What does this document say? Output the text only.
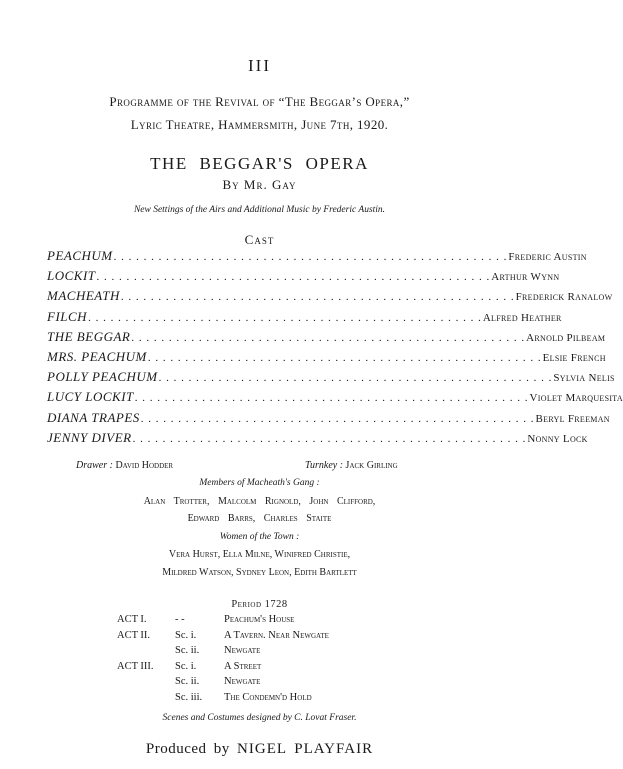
III
Programme of the Revival of “The Beggar’s Opera,”
Lyric Theatre, Hammersmith, June 7th, 1920.
THE BEGGAR'S OPERA
By Mr. Gay
New Settings of the Airs and Additional Music by Frederic Austin.
Cast
PEACHUM . . . . . . . . . . . . . . . . . . . . . . . . . . . . . . . . . . . . . . . . . . . . . . . . . . . . . Frederic Austin
LOCKIT . . . . . . . . . . . . . . . . . . . . . . . . . . . . . . . . . . . . . . . . . . . . . . . . . . . . . Arthur Wynn
MACHEATH . . . . . . . . . . . . . . . . . . . . . . . . . . . . . . . . . . . . . . . . . . . . . . . . . . . . . Frederick Ranalow
FILCH . . . . . . . . . . . . . . . . . . . . . . . . . . . . . . . . . . . . . . . . . . . . . . . . . . . . . Alfred Heather
THE BEGGAR . . . . . . . . . . . . . . . . . . . . . . . . . . . . . . . . . . . . . . . . . . . . . . . . . . . . . Arnold Pilbeam
MRS. PEACHUM . . . . . . . . . . . . . . . . . . . . . . . . . . . . . . . . . . . . . . . . . . . . . . . . . . . . . Elsie French
POLLY PEACHUM . . . . . . . . . . . . . . . . . . . . . . . . . . . . . . . . . . . . . . . . . . . . . . . . . . . . . Sylvia Nelis
LUCY LOCKIT . . . . . . . . . . . . . . . . . . . . . . . . . . . . . . . . . . . . . . . . . . . . . . . . . . . . . Violet Marquesita
DIANA TRAPES . . . . . . . . . . . . . . . . . . . . . . . . . . . . . . . . . . . . . . . . . . . . . . . . . . . . . Beryl Freeman
JENNY DIVER . . . . . . . . . . . . . . . . . . . . . . . . . . . . . . . . . . . . . . . . . . . . . . . . . . . . . Nonny Lock
Drawer : David Hodder	Turnkey : Jack Girling
Members of Macheath's Gang :
Alan Trotter, Malcolm Rignold, John Clifford,
Edward Barrs, Charles Staite
Women of the Town :
Vera Hurst, Ella Milne, Winifred Christie,
Mildred Watson, Sydney Leon, Edith Bartlett
Period 1728
ACT I.	- -	Peachum's House
ACT II. Sc. i.	A Tavern. Near Newgate
Sc. ii. Newgate
ACT III. Sc. i.	A Street
Sc. ii. Newgate
Sc. iii. The Condemn'd Hold
Scenes and Costumes designed by C. Lovat Fraser.
Produced by NIGEL PLAYFAIR
